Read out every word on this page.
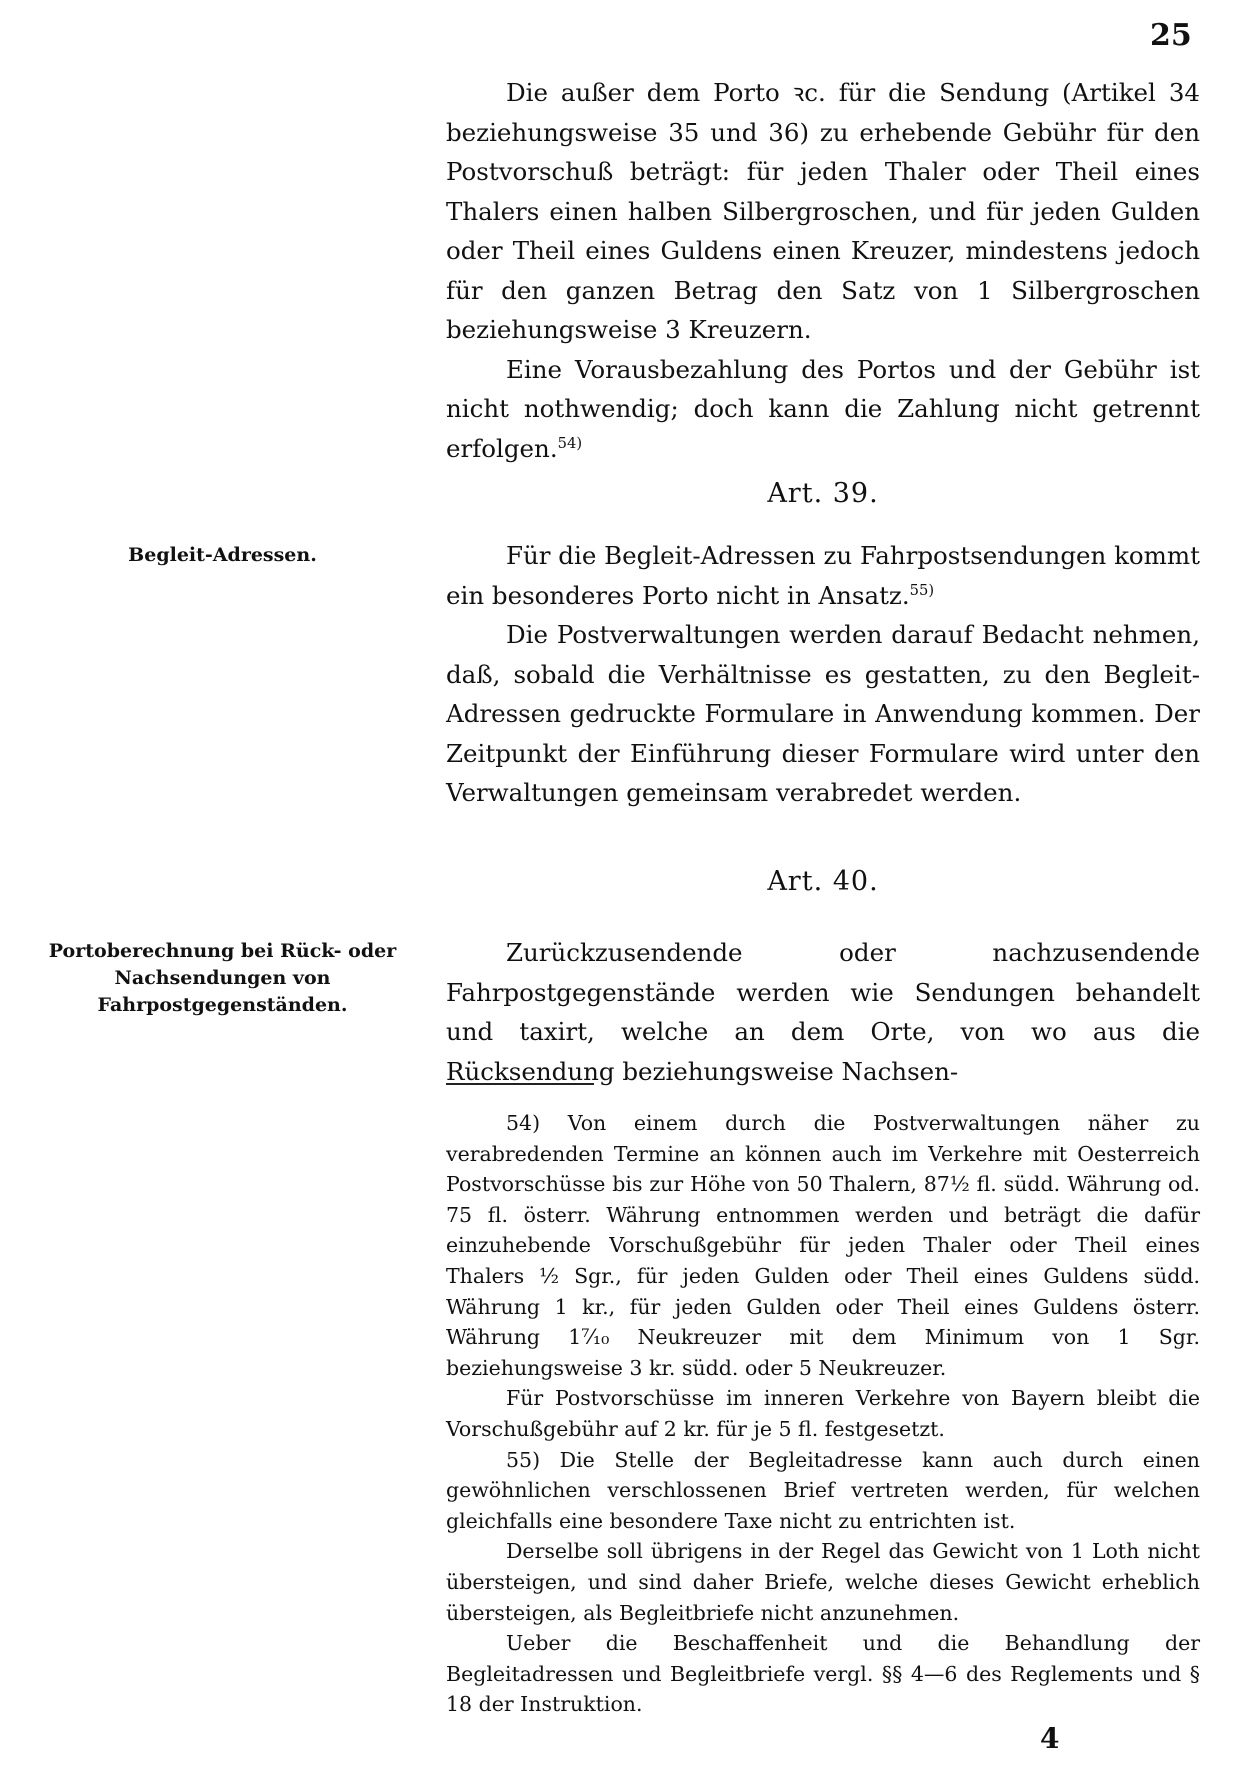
25

Die außer dem Porto ꝛc. für die Sendung (Artikel 34 beziehungsweise 35 und 36) zu erhebende Gebühr für den Postvorschuß beträgt: für jeden Thaler oder Theil eines Thalers einen halben Silbergroschen, und für jeden Gulden oder Theil eines Guldens einen Kreuzer, mindestens jedoch für den ganzen Betrag den Satz von 1 Silbergroschen beziehungsweise 3 Kreuzern.

Eine Vorausbezahlung des Portos und der Gebühr ist nicht nothwendig; doch kann die Zahlung nicht getrennt erfolgen.$^{54)}$

Art. 39.
Begleit-Adressen.	Für die Begleit-Adressen zu Fahrpostsendungen kommt ein besonderes Porto nicht in Ansatz.$^{55)}$

Die Postverwaltungen werden darauf Bedacht nehmen, daß, sobald die Verhältnisse es gestatten, zu den Begleit-Adressen gedruckte Formulare in Anwendung kommen. Der Zeitpunkt der Einführung dieser Formulare wird unter den Verwaltungen gemeinsam verabredet werden.

Art. 40.
Portoberechnung bei Rück- oder Nachsendungen von Fahrpostgegenständen.

Zurückzusendende oder nachzusendende Fahrpostgegenstände werden wie Sendungen behandelt und taxirt, welche an dem Orte, von wo aus die Rücksendung beziehungsweise Nachsen-

54) Von einem durch die Postverwaltungen näher zu verabredenden Termine an können auch im Verkehre mit Oesterreich Postvorschüsse bis zur Höhe von 50 Thalern, 87½ fl. südd. Währung od. 75 fl. österr. Währung entnommen werden und beträgt die dafür einzuhebende Vorschußgebühr für jeden Thaler oder Theil eines Thalers ½ Sgr., für jeden Gulden oder Theil eines Guldens südd. Währung 1 kr., für jeden Gulden oder Theil eines Guldens österr. Währung 1⁷⁄₁₀ Neukreuzer mit dem Minimum von 1 Sgr. beziehungsweise 3 kr. südd. oder 5 Neukreuzer.

Für Postvorschüsse im inneren Verkehre von Bayern bleibt die Vorschußgebühr auf 2 kr. für je 5 fl. festgesetzt.

55) Die Stelle der Begleitadresse kann auch durch einen gewöhnlichen verschlossenen Brief vertreten werden, für welchen gleichfalls eine besondere Taxe nicht zu entrichten ist.

Derselbe soll übrigens in der Regel das Gewicht von 1 Loth nicht übersteigen, und sind daher Briefe, welche dieses Gewicht erheblich übersteigen, als Begleitbriefe nicht anzunehmen.

Ueber die Beschaffenheit und die Behandlung der Begleitadressen und Begleitbriefe vergl. §§ 4—6 des Reglements und § 18 der Instruktion.

4
